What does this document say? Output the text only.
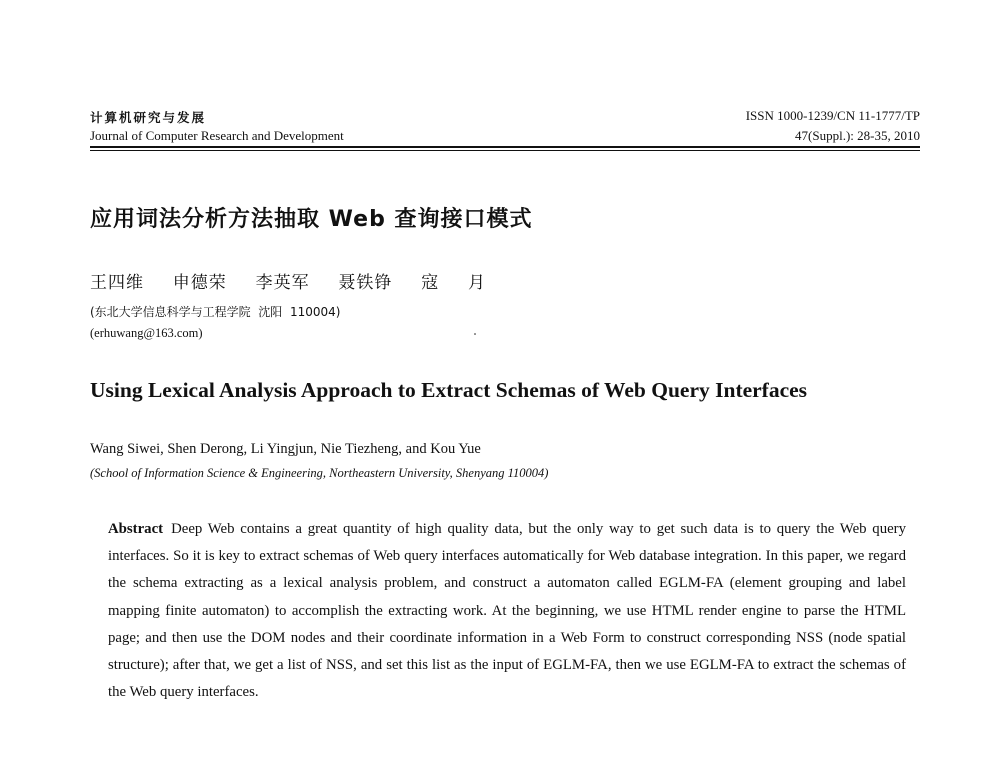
计算机研究与发展
Journal of Computer Research and Development
ISSN 1000-1239/CN 11-1777/TP
47(Suppl.): 28-35, 2010
应用词法分析方法抽取 Web 查询接口模式
王四维  申德荣  李英军  聂铁铮  寇  月
(东北大学信息科学与工程学院  沈阳  110004)
(erhuwang@163.com)
Using Lexical Analysis Approach to Extract Schemas of Web Query Interfaces
Wang Siwei, Shen Derong, Li Yingjun, Nie Tiezheng, and Kou Yue
(School of Information Science & Engineering, Northeastern University, Shenyang 110004)
Abstract Deep Web contains a great quantity of high quality data, but the only way to get such data is to query the Web query interfaces. So it is key to extract schemas of Web query interfaces automatically for Web database integration. In this paper, we regard the schema extracting as a lexical analysis problem, and construct a automaton called EGLM-FA (element grouping and label mapping finite automaton) to accomplish the extracting work. At the beginning, we use HTML render engine to parse the HTML page; and then use the DOM nodes and their coordinate information in a Web Form to construct corresponding NSS (node spatial structure); after that, we get a list of NSS, and set this list as the input of EGLM-FA, then we use EGLM-FA to extract the schemas of the Web query interfaces.
